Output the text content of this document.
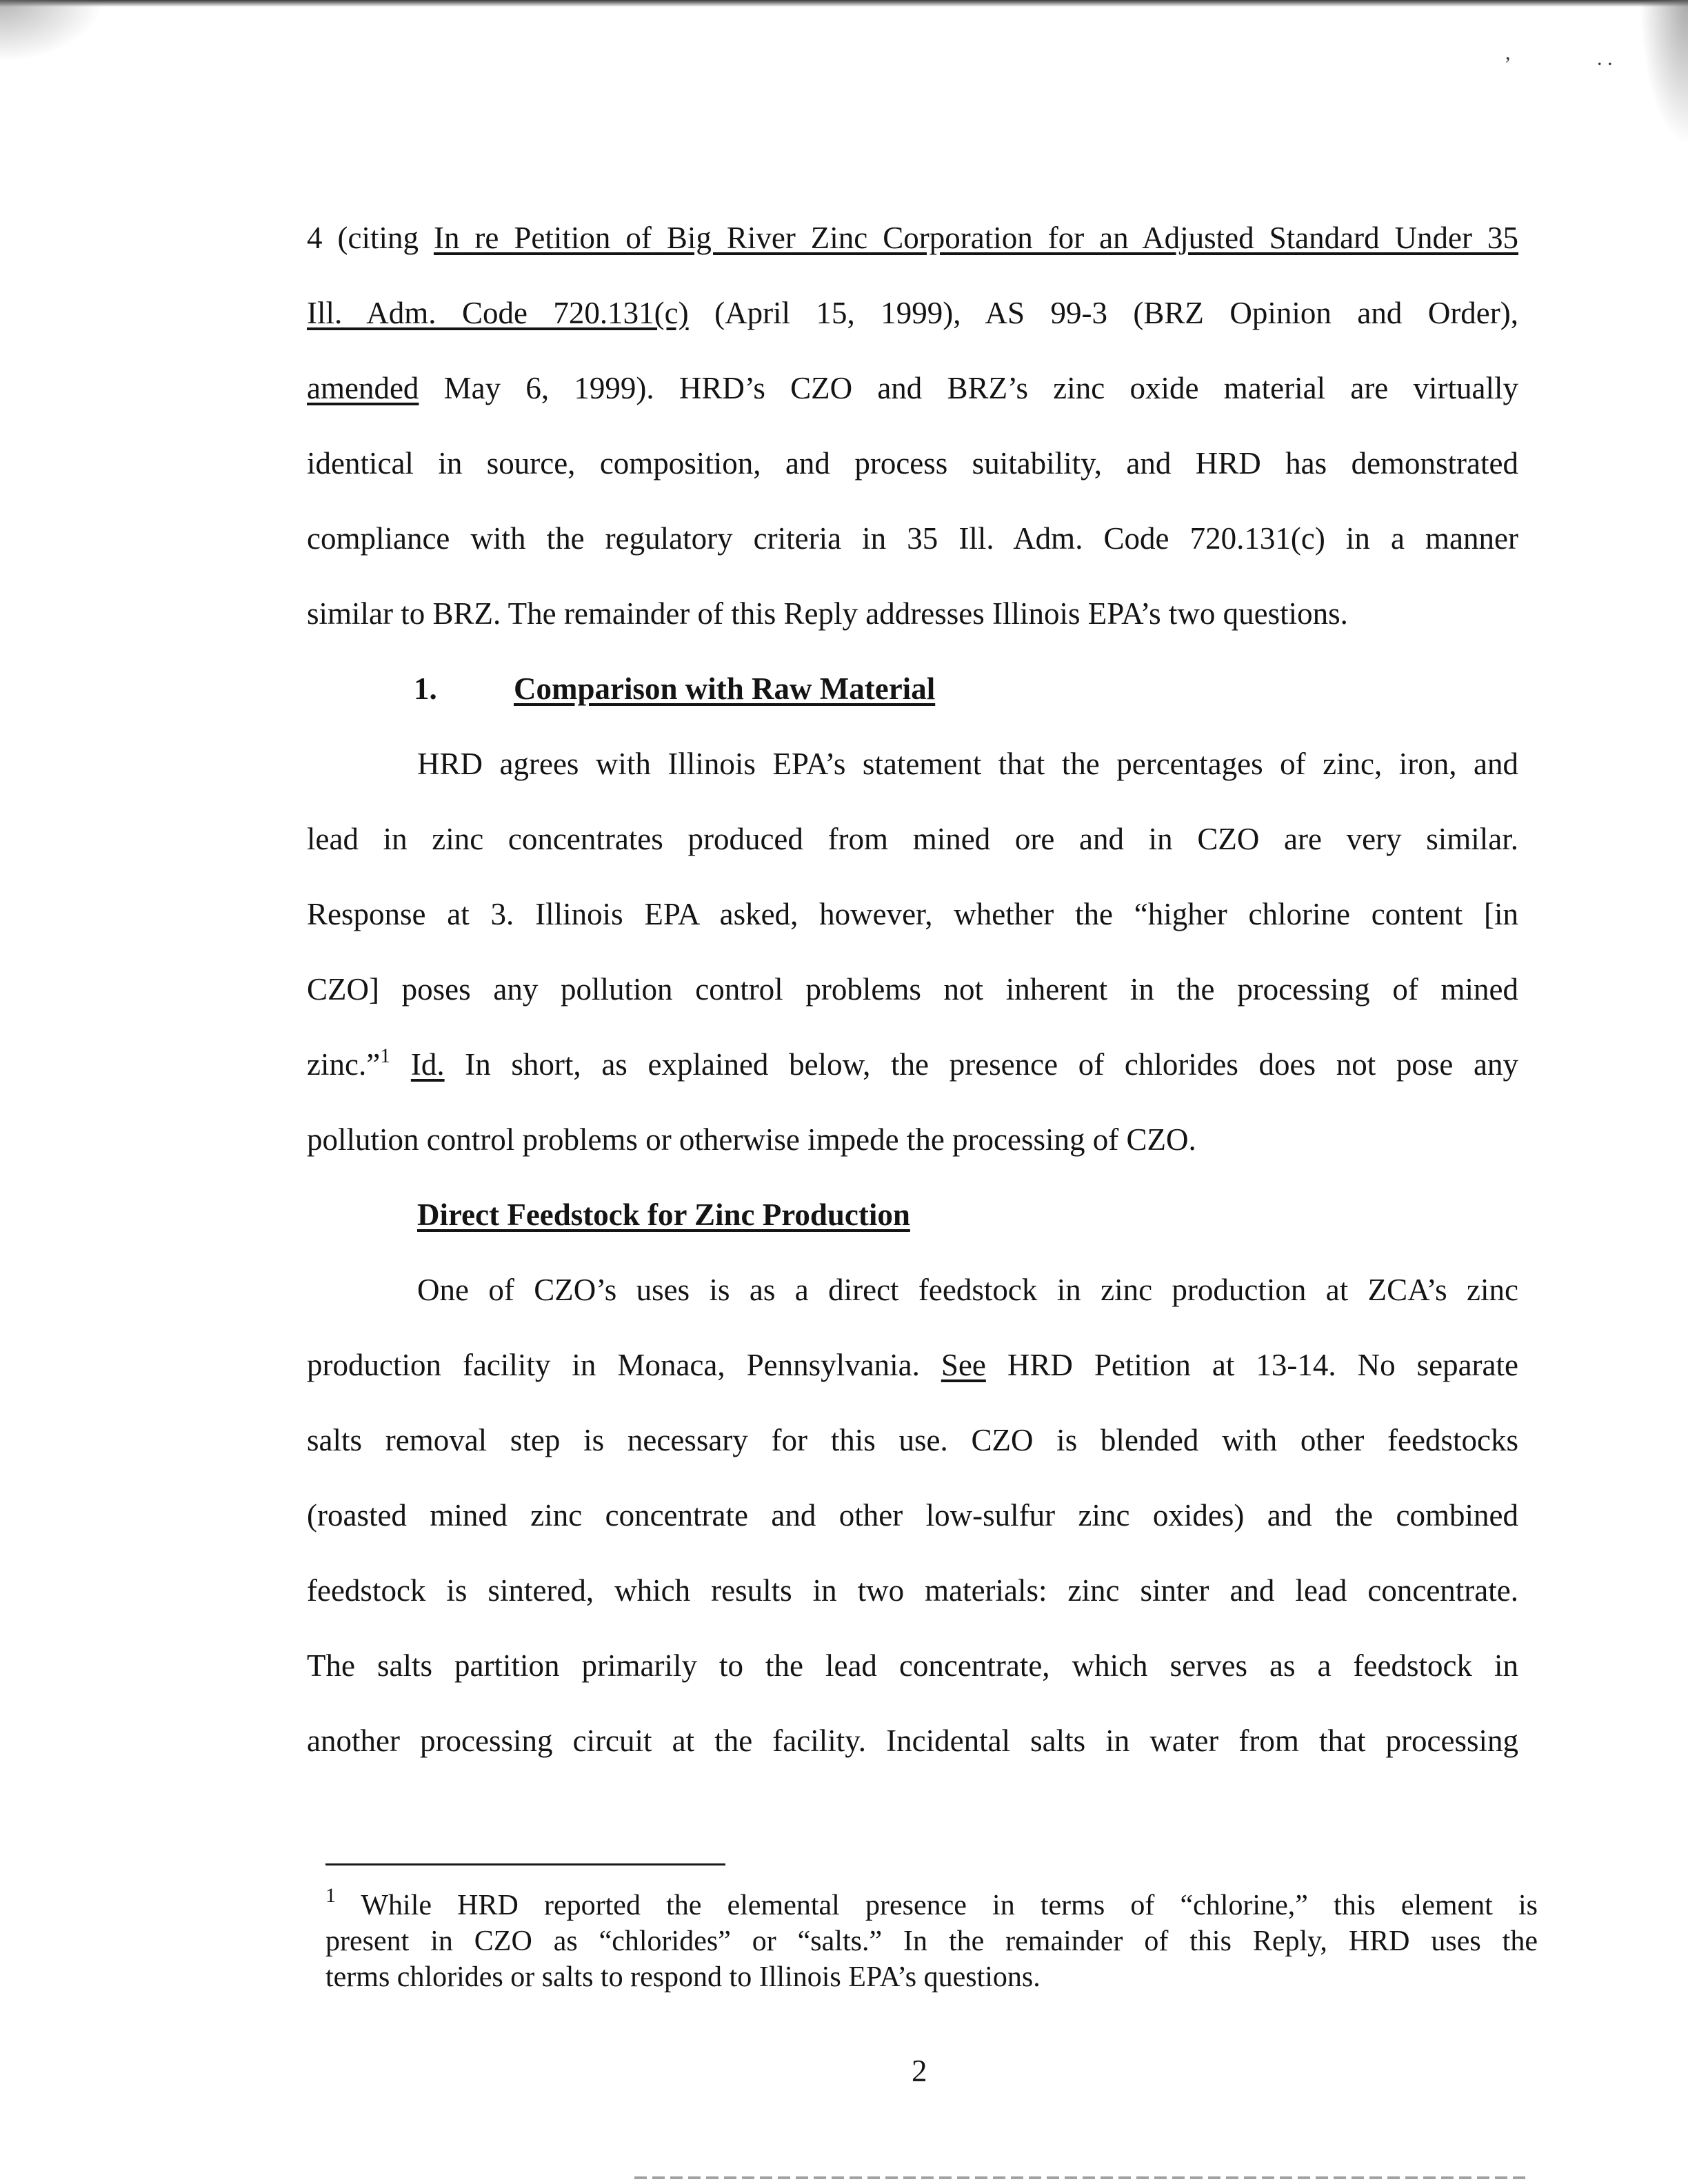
,	. .
4 (citing In re Petition of Big River Zinc Corporation for an Adjusted Standard Under 35
Ill. Adm. Code 720.131(c) (April 15, 1999), AS 99-3 (BRZ Opinion and Order),
amended May 6, 1999). HRD’s CZO and BRZ’s zinc oxide material are virtually
identical in source, composition, and process suitability, and HRD has demonstrated
compliance with the regulatory criteria in 35 Ill. Adm. Code 720.131(c) in a manner
similar to BRZ. The remainder of this Reply addresses Illinois EPA’s two questions.
1. Comparison with Raw Material
HRD agrees with Illinois EPA’s statement that the percentages of zinc, iron, and
lead in zinc concentrates produced from mined ore and in CZO are very similar.
Response at 3. Illinois EPA asked, however, whether the “higher chlorine content [in
CZO] poses any pollution control problems not inherent in the processing of mined
zinc.”$^1$ Id. In short, as explained below, the presence of chlorides does not pose any
pollution control problems or otherwise impede the processing of CZO.
Direct Feedstock for Zinc Production
One of CZO’s uses is as a direct feedstock in zinc production at ZCA’s zinc
production facility in Monaca, Pennsylvania. See HRD Petition at 13-14. No separate
salts removal step is necessary for this use. CZO is blended with other feedstocks
(roasted mined zinc concentrate and other low-sulfur zinc oxides) and the combined
feedstock is sintered, which results in two materials: zinc sinter and lead concentrate.
The salts partition primarily to the lead concentrate, which serves as a feedstock in
another processing circuit at the facility. Incidental salts in water from that processing
$^1$ While HRD reported the elemental presence in terms of “chlorine,” this element is
present in CZO as “chlorides” or “salts.” In the remainder of this Reply, HRD uses the
terms chlorides or salts to respond to Illinois EPA’s questions.
2
